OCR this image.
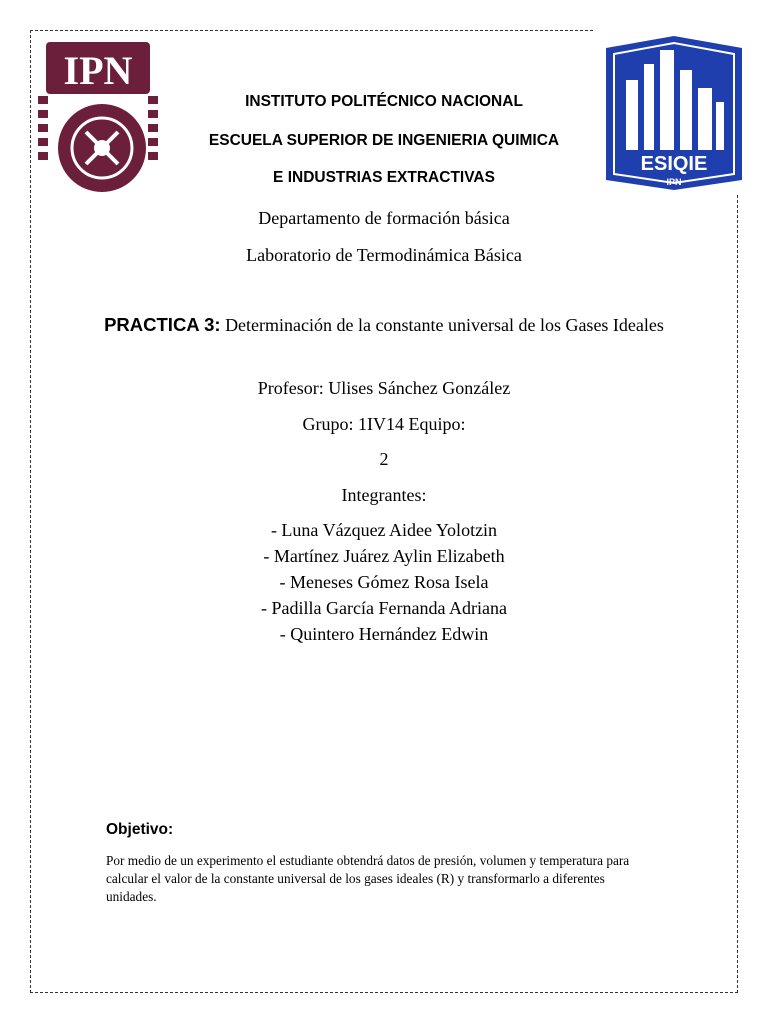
IPN
ESIQIE
IPN
INSTITUTO POLITÉCNICO NACIONAL
ESCUELA SUPERIOR DE INGENIERIA QUIMICA
E INDUSTRIAS EXTRACTIVAS
Departamento de formación básica
Laboratorio de Termodinámica Básica
PRACTICA 3: Determinación de la constante universal de los Gases Ideales
Profesor: Ulises Sánchez González
Grupo: 1IV14 Equipo:
2
Integrantes:
- Luna Vázquez Aidee Yolotzin
- Martínez Juárez Aylin Elizabeth
- Meneses Gómez Rosa Isela
- Padilla García Fernanda Adriana
- Quintero Hernández Edwin
Objetivo:
Por medio de un experimento el estudiante obtendrá datos de presión, volumen y temperatura para calcular el valor de la constante universal de los gases ideales (R) y transformarlo a diferentes unidades.
